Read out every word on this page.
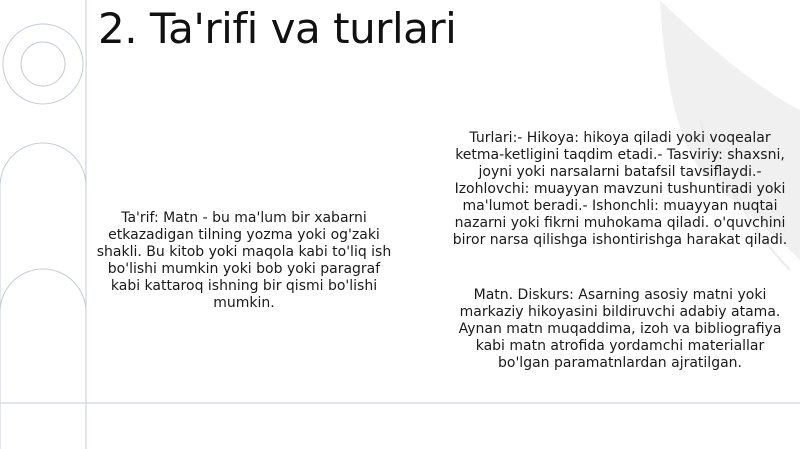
2. Ta'rifi va turlari
Ta'rif: Matn - bu ma'lum bir xabarni etkazadigan tilning yozma yoki og'zaki shakli. Bu kitob yoki maqola kabi to'liq ish bo'lishi mumkin yoki bob yoki paragraf kabi kattaroq ishning bir qismi bo'lishi mumkin.
Turlari:- Hikoya: hikoya qiladi yoki voqealar ketma-ketligini taqdim etadi.- Tasviriy: shaxsni, joyni yoki narsalarni batafsil tavsiflaydi.- Izohlovchi: muayyan mavzuni tushuntiradi yoki ma'lumot beradi.- Ishonchli: muayyan nuqtai nazarni yoki fikrni muhokama qiladi. o'quvchini biror narsa qilishga ishontirishga harakat qiladi.
Matn. Diskurs: Asarning asosiy matni yoki markaziy hikoyasini bildiruvchi adabiy atama. Aynan matn muqaddima, izoh va bibliografiya kabi matn atrofida yordamchi materiallar bo'lgan paramatnlardan ajratilgan.
